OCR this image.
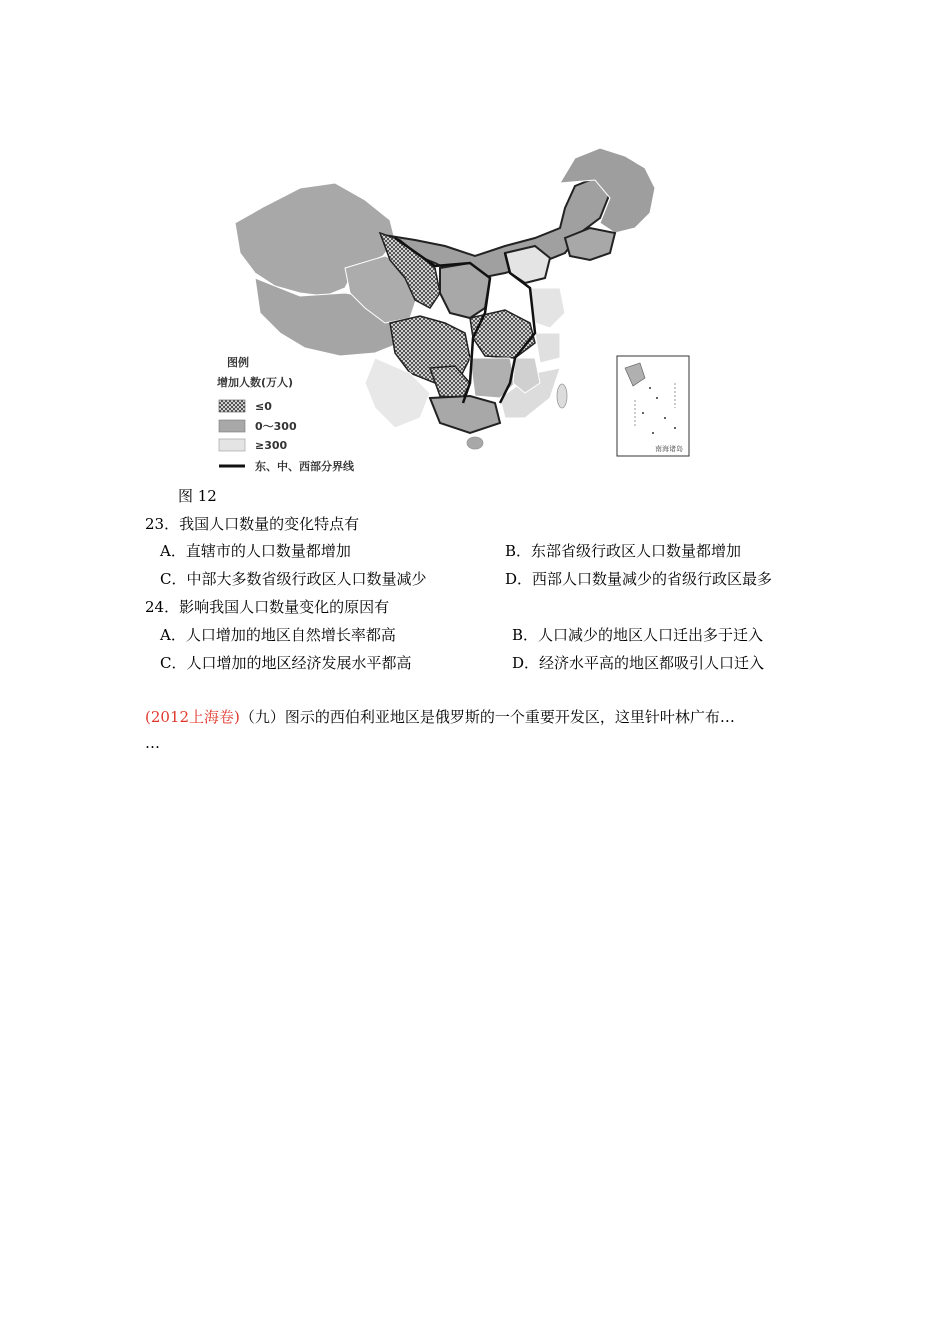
南海诸岛
图例
增加人数(万人)
≤0
0～300
≥300
东、中、西部分界线
图 12
23．我国人口数量的变化特点有
A．直辖市的人口数量都增加	B．东部省级行政区人口数量都增加
C．中部大多数省级行政区人口数量减少	D．西部人口数量减少的省级行政区最多
24．影响我国人口数量变化的原因有
A．人口增加的地区自然增长率都高	B．人口减少的地区人口迁出多于迁入
C．人口增加的地区经济发展水平都高	D．经济水平高的地区都吸引人口迁入
(2012上海卷)（九）图示的西伯利亚地区是俄罗斯的一个重要开发区，这里针叶林广布…
…
